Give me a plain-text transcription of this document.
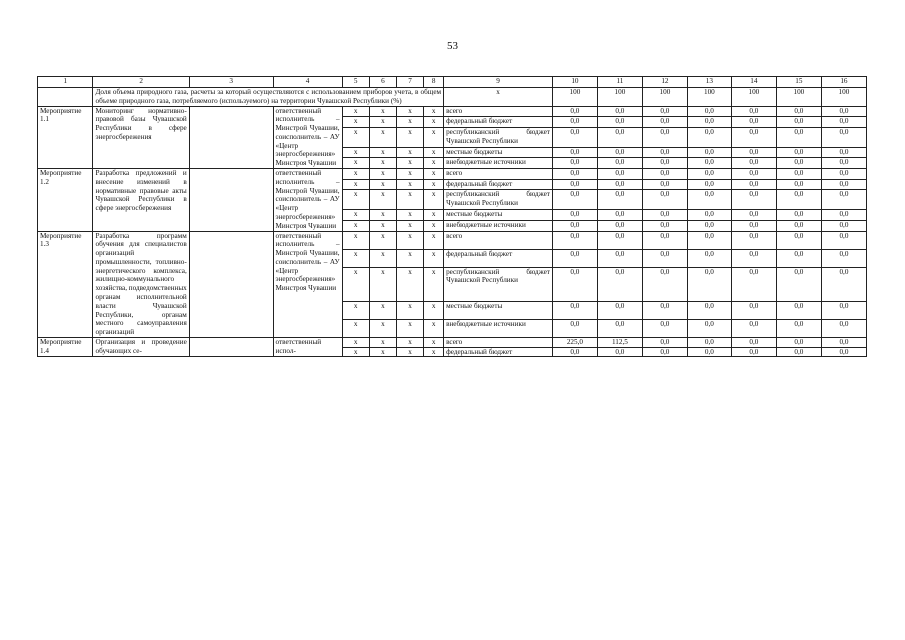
53
1	2	3	4	5	6	7	8	9	10	11	12	13	14	15	16
	Доля объема природного газа, расчеты за который осуществляются с использованием приборов учета, в общем объеме природного газа, потребляемого (используемого) на территории Чувашской Республики (%)							х	100	100	100	100	100	100	100
Мероприятие 1.1	Мониторинг нормативно-правовой базы Чувашской Республики в сфере энергосбережения		ответственный исполнитель – Минстрой Чувашии, соисполнитель – АУ «Центр энергосбережения» Минстроя Чувашии	х	х	х	х	всего	0,0	0,0	0,0	0,0	0,0	0,0	0,0
				х	х	х	х	федеральный бюджет	0,0	0,0	0,0	0,0	0,0	0,0	0,0
				х	х	х	х	республиканский бюджет Чувашской Республики	0,0	0,0	0,0	0,0	0,0	0,0	0,0
				х	х	х	х	местные бюджеты	0,0	0,0	0,0	0,0	0,0	0,0	0,0
				х	х	х	х	внебюджетные источники	0,0	0,0	0,0	0,0	0,0	0,0	0,0
Мероприятие 1.2	Разработка предложений и внесение изменений в нормативные правовые акты Чувашской Республики в сфере энергосбережения		ответственный исполнитель – Минстрой Чувашии, соисполнитель – АУ «Центр энергосбережения» Минстроя Чувашии	х	х	х	х	всего	0,0	0,0	0,0	0,0	0,0	0,0	0,0
				х	х	х	х	федеральный бюджет	0,0	0,0	0,0	0,0	0,0	0,0	0,0
				х	х	х	х	республиканский бюджет Чувашской Республики	0,0	0,0	0,0	0,0	0,0	0,0	0,0
				х	х	х	х	местные бюджеты	0,0	0,0	0,0	0,0	0,0	0,0	0,0
				х	х	х	х	внебюджетные источники	0,0	0,0	0,0	0,0	0,0	0,0	0,0
Мероприятие 1.3	Разработка программ обучения для специалистов организаций промышленности, топливно-энергетического комплекса, жилищно-коммунального хозяйства, подведомственных органам исполнительной власти Чувашской Республики, органам местного самоуправления организаций		ответственный исполнитель – Минстрой Чувашии, соисполнитель – АУ «Центр энергосбережения» Минстроя Чувашии	х	х	х	х	всего	0,0	0,0	0,0	0,0	0,0	0,0	0,0
				х	х	х	х	федеральный бюджет	0,0	0,0	0,0	0,0	0,0	0,0	0,0
				х	х	х	х	республиканский бюджет Чувашской Республики	0,0	0,0	0,0	0,0	0,0	0,0	0,0
				х	х	х	х	местные бюджеты	0,0	0,0	0,0	0,0	0,0	0,0	0,0
				х	х	х	х	внебюджетные источники	0,0	0,0	0,0	0,0	0,0	0,0	0,0
Мероприятие 1.4	Организация и проведение обучающих се-		ответственный испол-	х	х	х	х	всего	225,0	112,5	0,0	0,0	0,0	0,0	0,0
				х	х	х	х	федеральный бюджет	0,0	0,0	0,0	0,0	0,0	0,0	0,0
